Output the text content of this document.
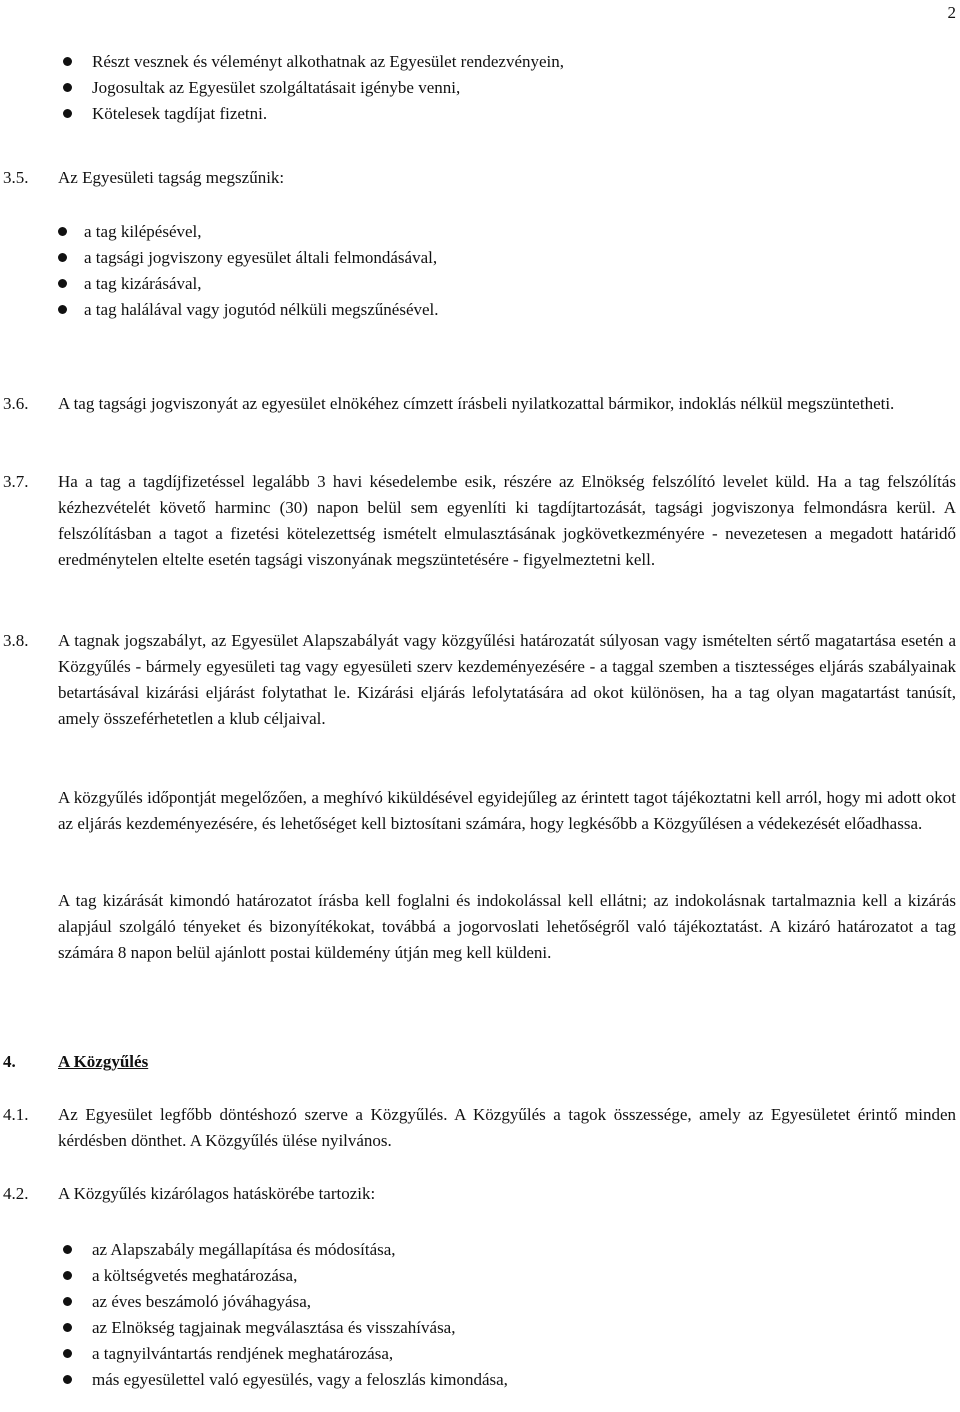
2
Részt vesznek és véleményt alkothatnak az Egyesület rendezvényein,
Jogosultak az Egyesület szolgáltatásait igénybe venni,
Kötelesek tagdíjat fizetni.
3.5. Az Egyesületi tagság megszűnik:
a tag kilépésével,
a tagsági jogviszony egyesület általi felmondásával,
a tag kizárásával,
a tag halálával vagy jogutód nélküli megszűnésével.
3.6. A tag tagsági jogviszonyát az egyesület elnökéhez címzett írásbeli nyilatkozattal bármikor, indoklás nélkül megszüntetheti.
3.7. Ha a tag a tagdíjfizetéssel legalább 3 havi késedelembe esik, részére az Elnökség felszólító levelet küld. Ha a tag felszólítás kézhezvételét követő harminc (30) napon belül sem egyenlíti ki tagdíjtartozását, tagsági jogviszonya felmondásra kerül. A felszólításban a tagot a fizetési kötelezettség ismételt elmulasztásának jogkövetkezményére - nevezetesen a megadott határidő eredménytelen eltelte esetén tagsági viszonyának megszüntetésére - figyelmeztetni kell.
3.8. A tagnak jogszabályt, az Egyesület Alapszabályát vagy közgyűlési határozatát súlyosan vagy ismételten sértő magatartása esetén a Közgyűlés - bármely egyesületi tag vagy egyesületi szerv kezdeményezésére - a taggal szemben a tisztességes eljárás szabályainak betartásával kizárási eljárást folytathat le. Kizárási eljárás lefolytatására ad okot különösen, ha a tag olyan magatartást tanúsít, amely összeférhetetlen a klub céljaival.
A közgyűlés időpontját megelőzően, a meghívó kiküldésével egyidejűleg az érintett tagot tájékoztatni kell arról, hogy mi adott okot az eljárás kezdeményezésére, és lehetőséget kell biztosítani számára, hogy legkésőbb a Közgyűlésen a védekezését előadhassa.
A tag kizárását kimondó határozatot írásba kell foglalni és indokolással kell ellátni; az indokolásnak tartalmaznia kell a kizárás alapjául szolgáló tényeket és bizonyítékokat, továbbá a jogorvoslati lehetőségről való tájékoztatást. A kizáró határozatot a tag számára 8 napon belül ajánlott postai küldemény útján meg kell küldeni.
4. A Közgyűlés
4.1. Az Egyesület legfőbb döntéshozó szerve a Közgyűlés. A Közgyűlés a tagok összessége, amely az Egyesületet érintő minden kérdésben dönthet. A Közgyűlés ülése nyilvános.
4.2. A Közgyűlés kizárólagos hatáskörébe tartozik:
az Alapszabály megállapítása és módosítása,
a költségvetés meghatározása,
az éves beszámoló jóváhagyása,
az Elnökség tagjainak megválasztása és visszahívása,
a tagnyilvántartás rendjének meghatározása,
más egyesülettel való egyesülés, vagy a feloszlás kimondása,
